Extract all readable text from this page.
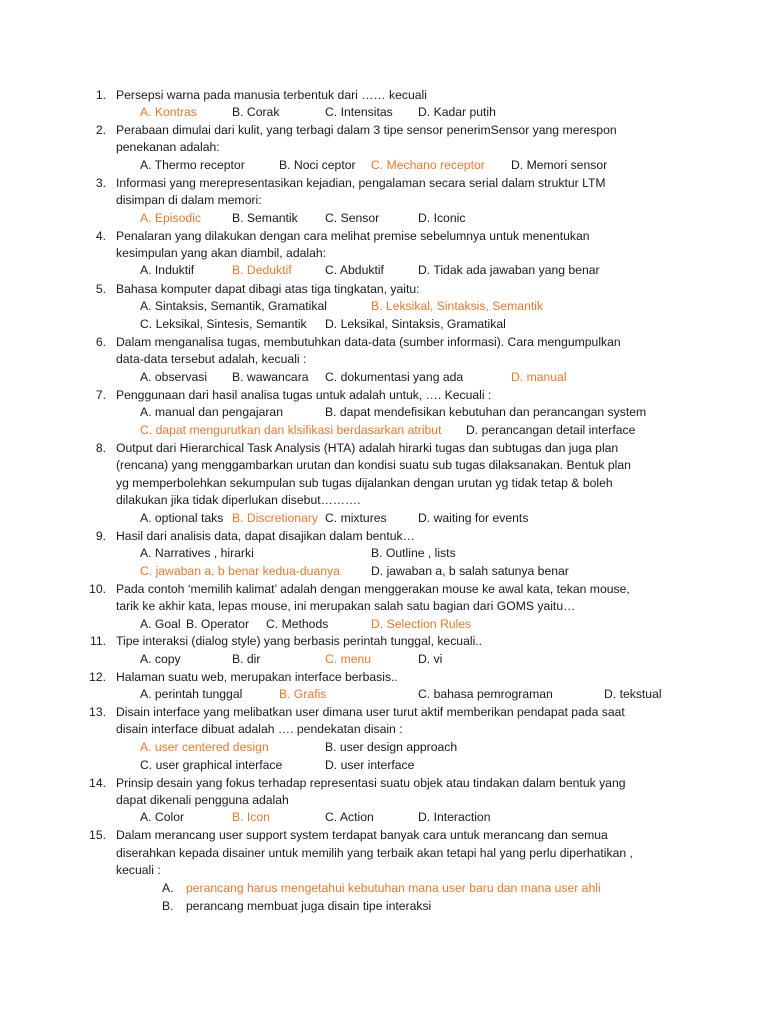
1. Persepsi warna pada manusia terbentuk dari …… kecuali
A. Kontras	B. Corak	C. Intensitas D. Kadar putih
2. Perabaan dimulai dari kulit, yang terbagi dalam 3 tipe sensor penerimSensor yang merespon
penekanan adalah:
A. Thermo receptor	B. Noci ceptor C. Mechano receptor D. Memori sensor
3. Informasi yang merepresentasikan kejadian, pengalaman secara serial dalam struktur LTM
disimpan di dalam memori:
A. Episodic	B. Semantik C. Sensor	D. Iconic
4. Penalaran yang dilakukan dengan cara melihat premise sebelumnya untuk menentukan
kesimpulan yang akan diambil, adalah:
A. Induktif	B. Deduktif	C. Abduktif	D. Tidak ada jawaban yang benar
5. Bahasa komputer dapat dibagi atas tiga tingkatan, yaitu:
A. Sintaksis, Semantik, Gramatikal	B. Leksikal, Sintaksis, Semantik
C. Leksikal, Sintesis, Semantik D. Leksikal, Sintaksis, Gramatikal
6. Dalam menganalisa tugas, membutuhkan data-data (sumber informasi). Cara mengumpulkan
data-data tersebut adalah, kecuali :
A. observasi B. wawancara C. dokumentasi yang ada	D. manual
7. Penggunaan dari hasil analisa tugas untuk adalah untuk, …. Kecuali :
A. manual dan pengajaran	B. dapat mendefisikan kebutuhan dan perancangan system
C. dapat mengurutkan dan klsifikasi berdasarkan atribut D. perancangan detail interface
8. Output dari Hierarchical Task Analysis (HTA) adalah hirarki tugas dan subtugas dan juga plan
(rencana) yang menggambarkan urutan dan kondisi suatu sub tugas dilaksanakan. Bentuk plan
yg memperbolehkan sekumpulan sub tugas dijalankan dengan urutan yg tidak tetap & boleh
dilakukan jika tidak diperlukan disebut……….
A. optional taks B. Discretionary C. mixtures	D. waiting for events
9. Hasil dari analisis data, dapat disajikan dalam bentuk…
A. Narratives , hirarki	B. Outline , lists
C. jawaban a, b benar kedua-duanya	D. jawaban a, b salah satunya benar
10. Pada contoh ‘memilih kalimat’ adalah dengan menggerakan mouse ke awal kata, tekan mouse,
tarik ke akhir kata, lepas mouse, ini merupakan salah satu bagian dari GOMS yaitu…
A. Goal B. Operator C. Methods	D. Selection Rules
11. Tipe interaksi (dialog style) yang berbasis perintah tunggal, kecuali..
A. copy	B. dir	C. menu	D. vi
12. Halaman suatu web, merupakan interface berbasis..
A. perintah tunggal	B. Grafis	C. bahasa pemrograman	D. tekstual
13. Disain interface yang melibatkan user dimana user turut aktif memberikan pendapat pada saat
disain interface dibuat adalah …. pendekatan disain :
A. user centered design	B. user design approach
C. user graphical interface	D. user interface
14. Prinsip desain yang fokus terhadap representasi suatu objek atau tindakan dalam bentuk yang
dapat dikenali pengguna adalah
A. Color	B. Icon	C. Action	D. Interaction
15. Dalam merancang user support system terdapat banyak cara untuk merancang dan semua
diserahkan kepada disainer untuk memilih yang terbaik akan tetapi hal yang perlu diperhatikan ,
kecuali :
A. perancang harus mengetahui kebutuhan mana user baru dan mana user ahli
B. perancang membuat juga disain tipe interaksi
